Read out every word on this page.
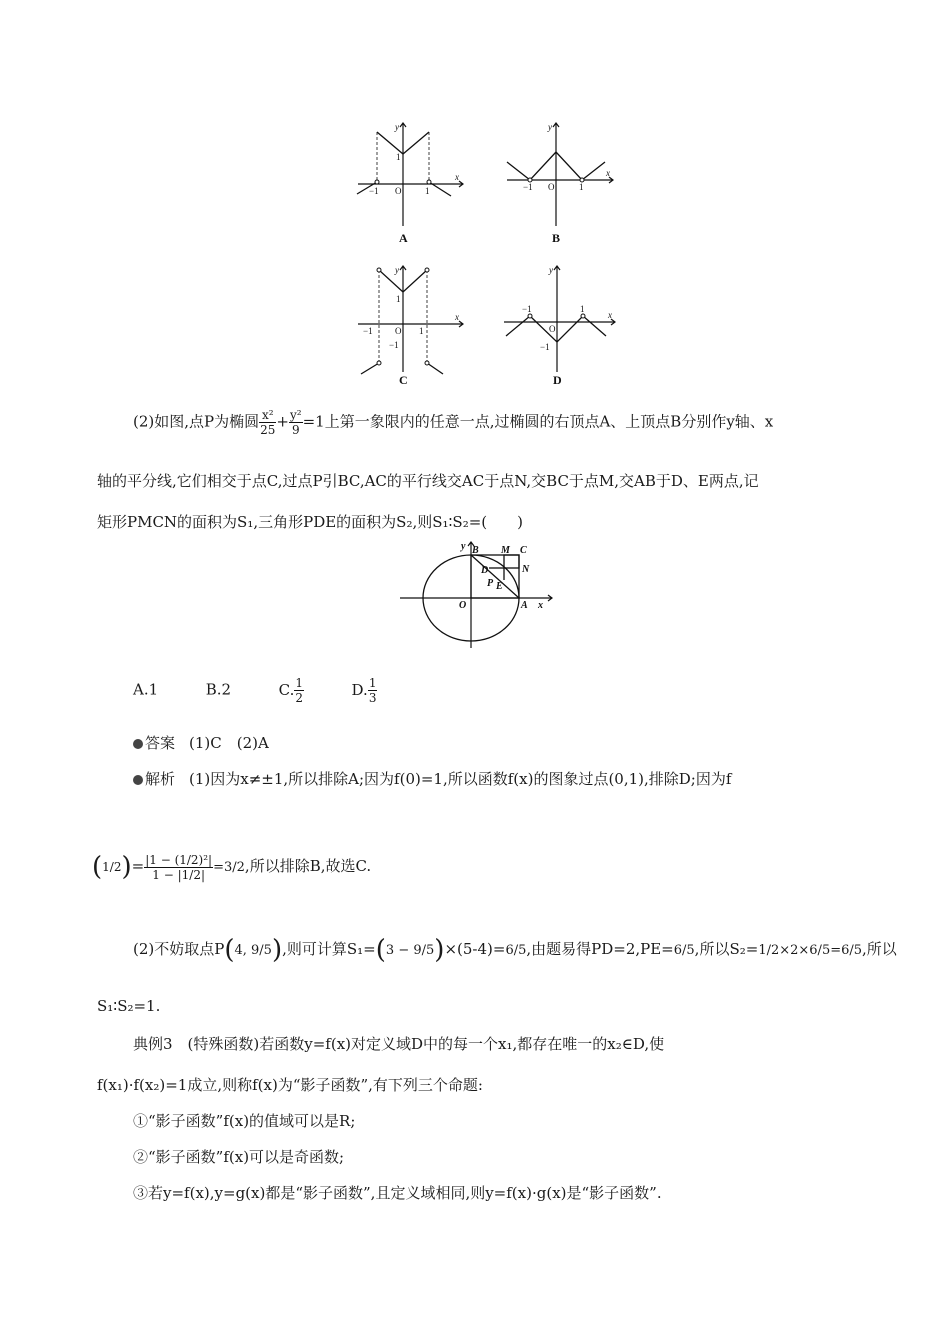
y
x
O
−1	1
1
A
y
x
O
−1	1
B
y
x
O
−1	1
1
−1
C
y
x
O
−1	1
−1
D
(2)如图,点P为椭圆 $\frac{\text{x²}}{25} + \frac{\text{y²}}{9} =1$上第一象限内的任意一点,过椭圆的右顶点A、上顶点B分别作y轴、x
轴的平分线,它们相交于点C,过点P引BC,AC的平行线交AC于点N,交BC于点M,交AB于D、E两点,记
矩形PMCN的面积为S₁,三角形PDE的面积为S₂,则S₁∶S₂=(　　)
B M C
D	N
P E
O	A
y
x
A.1	B.2	C. $\frac{1}{2}$	D. $\frac{1}{3}$
答案 (1)C　(2)A
解析 (1)因为x≠±1,所以排除A;因为f(0)=1,所以函数f(x)的图象过点(0,1),排除D;因为f
$(1/2)= \frac{\text{|1 − (1/2)²|}}{1 - |1/2|} =3/2$,所以排除B,故选C.
(2)不妨取点P(4, 9/5),则可计算S₁=(3 − 9/5)×(5-4)=6/5,由题易得PD=2,PE=6/5,所以S₂=1/2×2×6/5=6/5,所以
S₁∶S₂=1.
典例3　(特殊函数)若函数y=f(x)对定义域D中的每一个x₁,都存在唯一的x₂∈D,使
f(x₁)·f(x₂)=1成立,则称f(x)为“影子函数”,有下列三个命题:
①“影子函数”f(x)的值域可以是R;
②“影子函数”f(x)可以是奇函数;
③若y=f(x),y=g(x)都是“影子函数”,且定义域相同,则y=f(x)·g(x)是“影子函数”.
